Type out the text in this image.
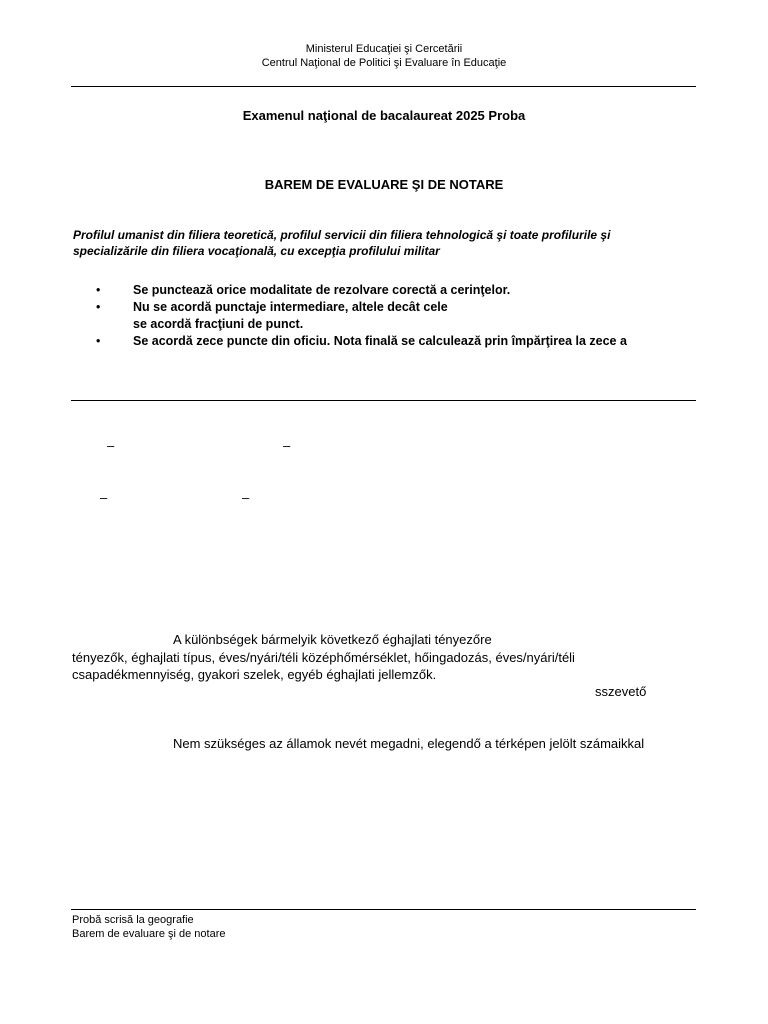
Ministerul Educaţiei şi Cercetării
Centrul Naţional de Politici şi Evaluare în Educaţie
Examenul naţional de bacalaureat 2025 Proba
BAREM DE EVALUARE ŞI DE NOTARE
Profilul umanist din filiera teoretică, profilul servicii din filiera tehnologică şi toate profilurile şi
specializările din filiera vocaţională, cu excepţia profilului militar
•	Se punctează orice modalitate de rezolvare corectă a cerinţelor.
•	Nu se acordă punctaje intermediare, altele decât cele
se acordă fracţiuni de punct.
•	Se acordă zece puncte din oficiu. Nota finală se calculează prin împărţirea la zece a
–	–
–	–
A különbségek bármelyik következő éghajlati tényezőre
tényezők, éghajlati típus, éves/nyári/téli középhőmérséklet, hőingadozás, éves/nyári/téli
csapadékmennyiség, gyakori szelek, egyéb éghajlati jellemzők.
sszevető
Nem szükséges az államok nevét megadni, elegendő a térképen jelölt számaikkal
Probă scrisă la geografie
Barem de evaluare şi de notare
